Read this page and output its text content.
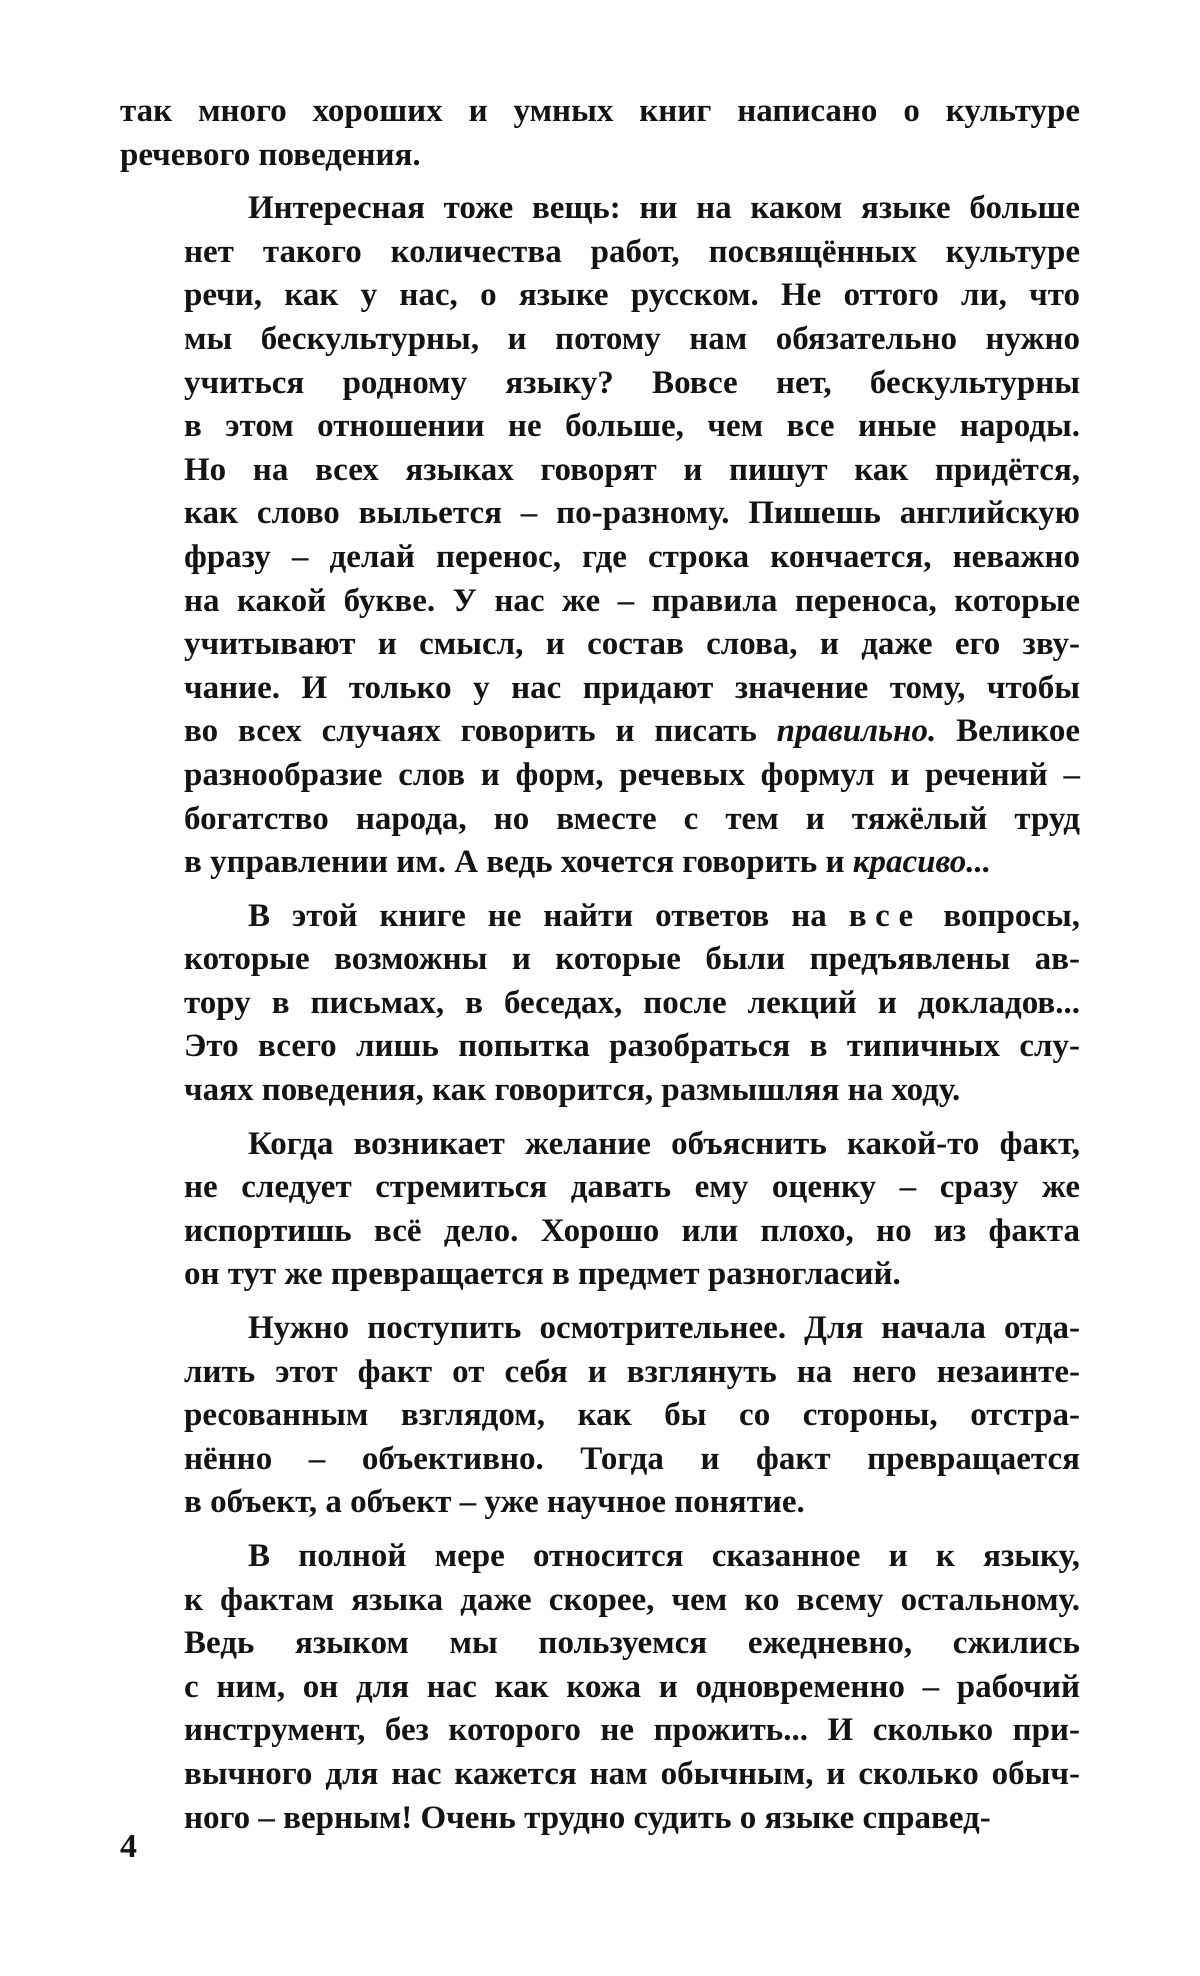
так много хороших и умных книг написано о культуре
речевого поведения.
Интересная тоже вещь: ни на каком языке больше
нет такого количества работ, посвящённых культуре
речи, как у нас, о языке русском. Не оттого ли, что
мы бескультурны, и потому нам обязательно нужно
учиться родному языку? Вовсе нет, бескультурны
в этом отношении не больше, чем все иные народы.
Но на всех языках говорят и пишут как придётся,
как слово выльется – по-разному. Пишешь английскую
фразу – делай перенос, где строка кончается, неважно
на какой букве. У нас же – правила переноса, которые
учитывают и смысл, и состав слова, и даже его зву-
чание. И только у нас придают значение тому, чтобы
во всех случаях говорить и писать правильно. Великое
разнообразие слов и форм, речевых формул и речений –
богатство народа, но вместе с тем и тяжёлый труд
в управлении им. А ведь хочется говорить и красиво...
В этой книге не найти ответов на все вопросы,
которые возможны и которые были предъявлены ав-
тору в письмах, в беседах, после лекций и докладов...
Это всего лишь попытка разобраться в типичных слу-
чаях поведения, как говорится, размышляя на ходу.
Когда возникает желание объяснить какой-то факт,
не следует стремиться давать ему оценку – сразу же
испортишь всё дело. Хорошо или плохо, но из факта
он тут же превращается в предмет разногласий.
Нужно поступить осмотрительнее. Для начала отда-
лить этот факт от себя и взглянуть на него незаинте-
ресованным взглядом, как бы со стороны, отстра-
нённо – объективно. Тогда и факт превращается
в объект, а объект – уже научное понятие.
В полной мере относится сказанное и к языку,
к фактам языка даже скорее, чем ко всему остальному.
Ведь языком мы пользуемся ежедневно, сжились
с ним, он для нас как кожа и одновременно – рабочий
инструмент, без которого не прожить... И сколько при-
вычного для нас кажется нам обычным, и сколько обыч-
ного – верным! Очень трудно судить о языке справед-
4
